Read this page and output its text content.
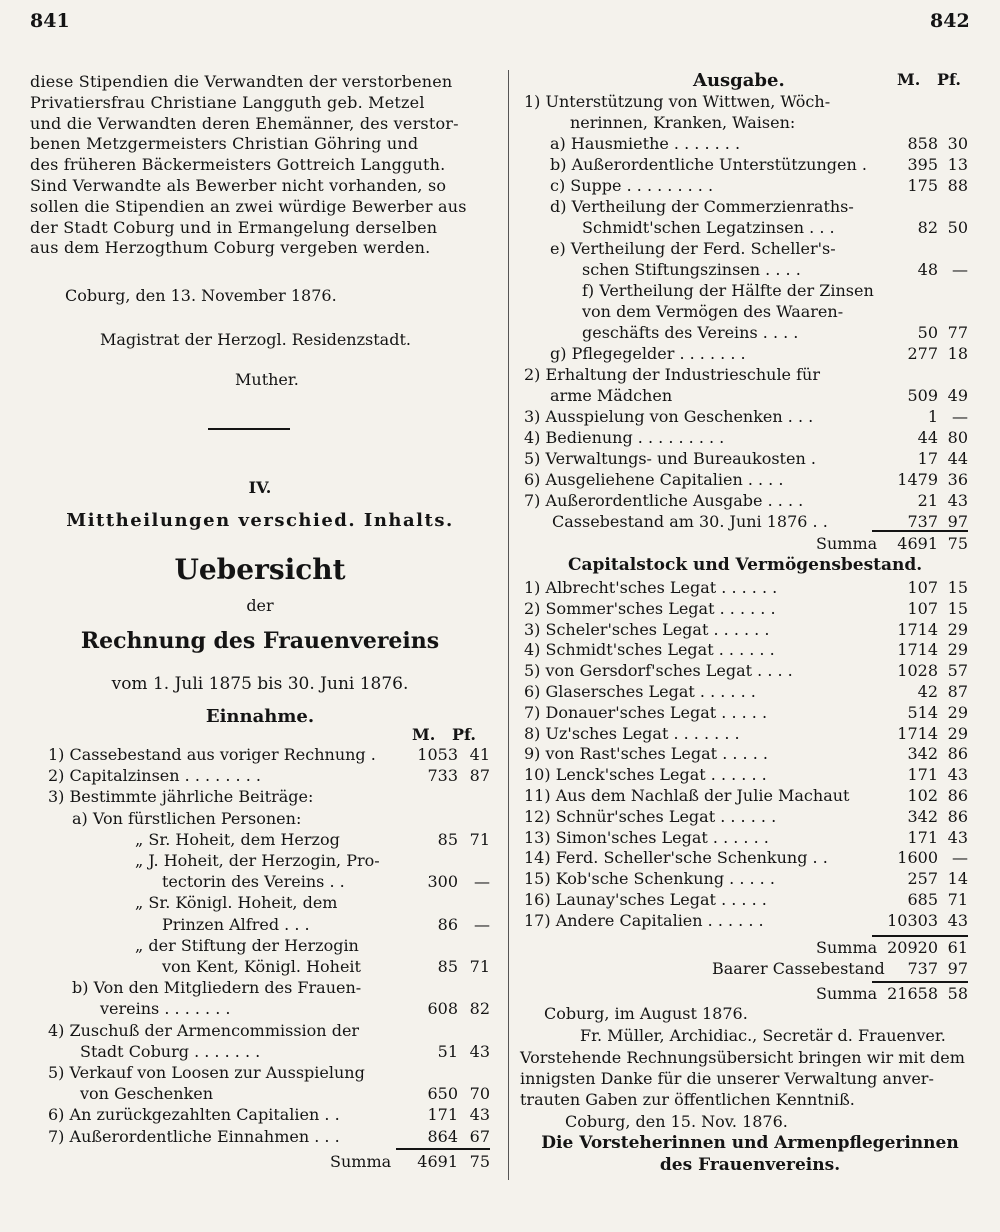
841	842
diese Stipendien die Verwandten der verstorbenen
Privatiersfrau Christiane Langguth geb. Metzel
und die Verwandten deren Ehemänner, des verstor-
benen Metzgermeisters Christian Göhring und
des früheren Bäckermeisters Gottreich Langguth.
Sind Verwandte als Bewerber nicht vorhanden, so
sollen die Stipendien an zwei würdige Bewerber aus
der Stadt Coburg und in Ermangelung derselben
aus dem Herzogthum Coburg vergeben werden.
Coburg, den 13. November 1876.
Magistrat der Herzogl. Residenzstadt.
Muther.
IV.
Mittheilungen verschied. Inhalts.
Uebersicht
der
Rechnung des Frauenvereins
vom 1. Juli 1875 bis 30. Juni 1876.
Einnahme.
M. Pf.
1) Cassebestand aus voriger Rechnung .	1053 41
2) Capitalzinsen . . . . . . . .	733 87
3) Bestimmte jährliche Beiträge:
a) Von fürstlichen Personen:
„ Sr. Hoheit, dem Herzog	85 71
„ J. Hoheit, der Herzogin, Pro-
tectorin des Vereins . .	300 —
„ Sr. Königl. Hoheit, dem
Prinzen Alfred . . .	86 —
„ der Stiftung der Herzogin
von Kent, Königl. Hoheit	85 71
b) Von den Mitgliedern des Frauen-
vereins . . . . . . .	608 82
4) Zuschuß der Armencommission der
Stadt Coburg . . . . . . .	51 43
5) Verkauf von Loosen zur Ausspielung
von Geschenken	650 70
6) An zurückgezahlten Capitalien . .	171 43
7) Außerordentliche Einnahmen . . .	864 67
Summa 4691 75
Ausgabe.	M. Pf.
1) Unterstützung von Wittwen, Wöch-
nerinnen, Kranken, Waisen:
a) Hausmiethe . . . . . . .	858 30
b) Außerordentliche Unterstützungen .	395 13
c) Suppe . . . . . . . . .	175 88
d) Vertheilung der Commerzienraths-
Schmidt'schen Legatzinsen . . .	82 50
e) Vertheilung der Ferd. Scheller's-
schen Stiftungszinsen . . . .	48 —
f) Vertheilung der Hälfte der Zinsen
von dem Vermögen des Waaren-
geschäfts des Vereins . . . .	50 77
g) Pflegegelder . . . . . . .	277 18
2) Erhaltung der Industrieschule für
arme Mädchen	509 49
3) Ausspielung von Geschenken . . .	1 —
4) Bedienung . . . . . . . . .	44 80
5) Verwaltungs- und Bureaukosten .	17 44
6) Ausgeliehene Capitalien . . . .	1479 36
7) Außerordentliche Ausgabe . . . .	21 43
Cassebestand am 30. Juni 1876 . .	737 97
Summa 4691 75
Capitalstock und Vermögensbestand.
1) Albrecht'sches Legat . . . . . .	107 15
2) Sommer'sches Legat . . . . . .	107 15
3) Scheler'sches Legat . . . . . .	1714 29
4) Schmidt'sches Legat . . . . . .	1714 29
5) von Gersdorf'sches Legat . . . .	1028 57
6) Glasersches Legat . . . . . .	42 87
7) Donauer'sches Legat . . . . .	514 29
8) Uz'sches Legat . . . . . . .	1714 29
9) von Rast'sches Legat . . . . .	342 86
10) Lenck'sches Legat . . . . . .	171 43
11) Aus dem Nachlaß der Julie Machaut	102 86
12) Schnür'sches Legat . . . . . .	342 86
13) Simon'sches Legat . . . . . .	171 43
14) Ferd. Scheller'sche Schenkung . .	1600 —
15) Kob'sche Schenkung . . . . .	257 14
16) Launay'sches Legat . . . . .	685 71
17) Andere Capitalien . . . . . .	10303 43
Summa 20920 61
Baarer Cassebestand 737 97
Summa 21658 58
Coburg, im August 1876.
Fr. Müller, Archidiac., Secretär d. Frauenver.
Vorstehende Rechnungsübersicht bringen wir mit dem
innigsten Danke für die unserer Verwaltung anver-
trauten Gaben zur öffentlichen Kenntniß.
Coburg, den 15. Nov. 1876.
Die Vorsteherinnen und Armenpflegerinnen
des Frauenvereins.
